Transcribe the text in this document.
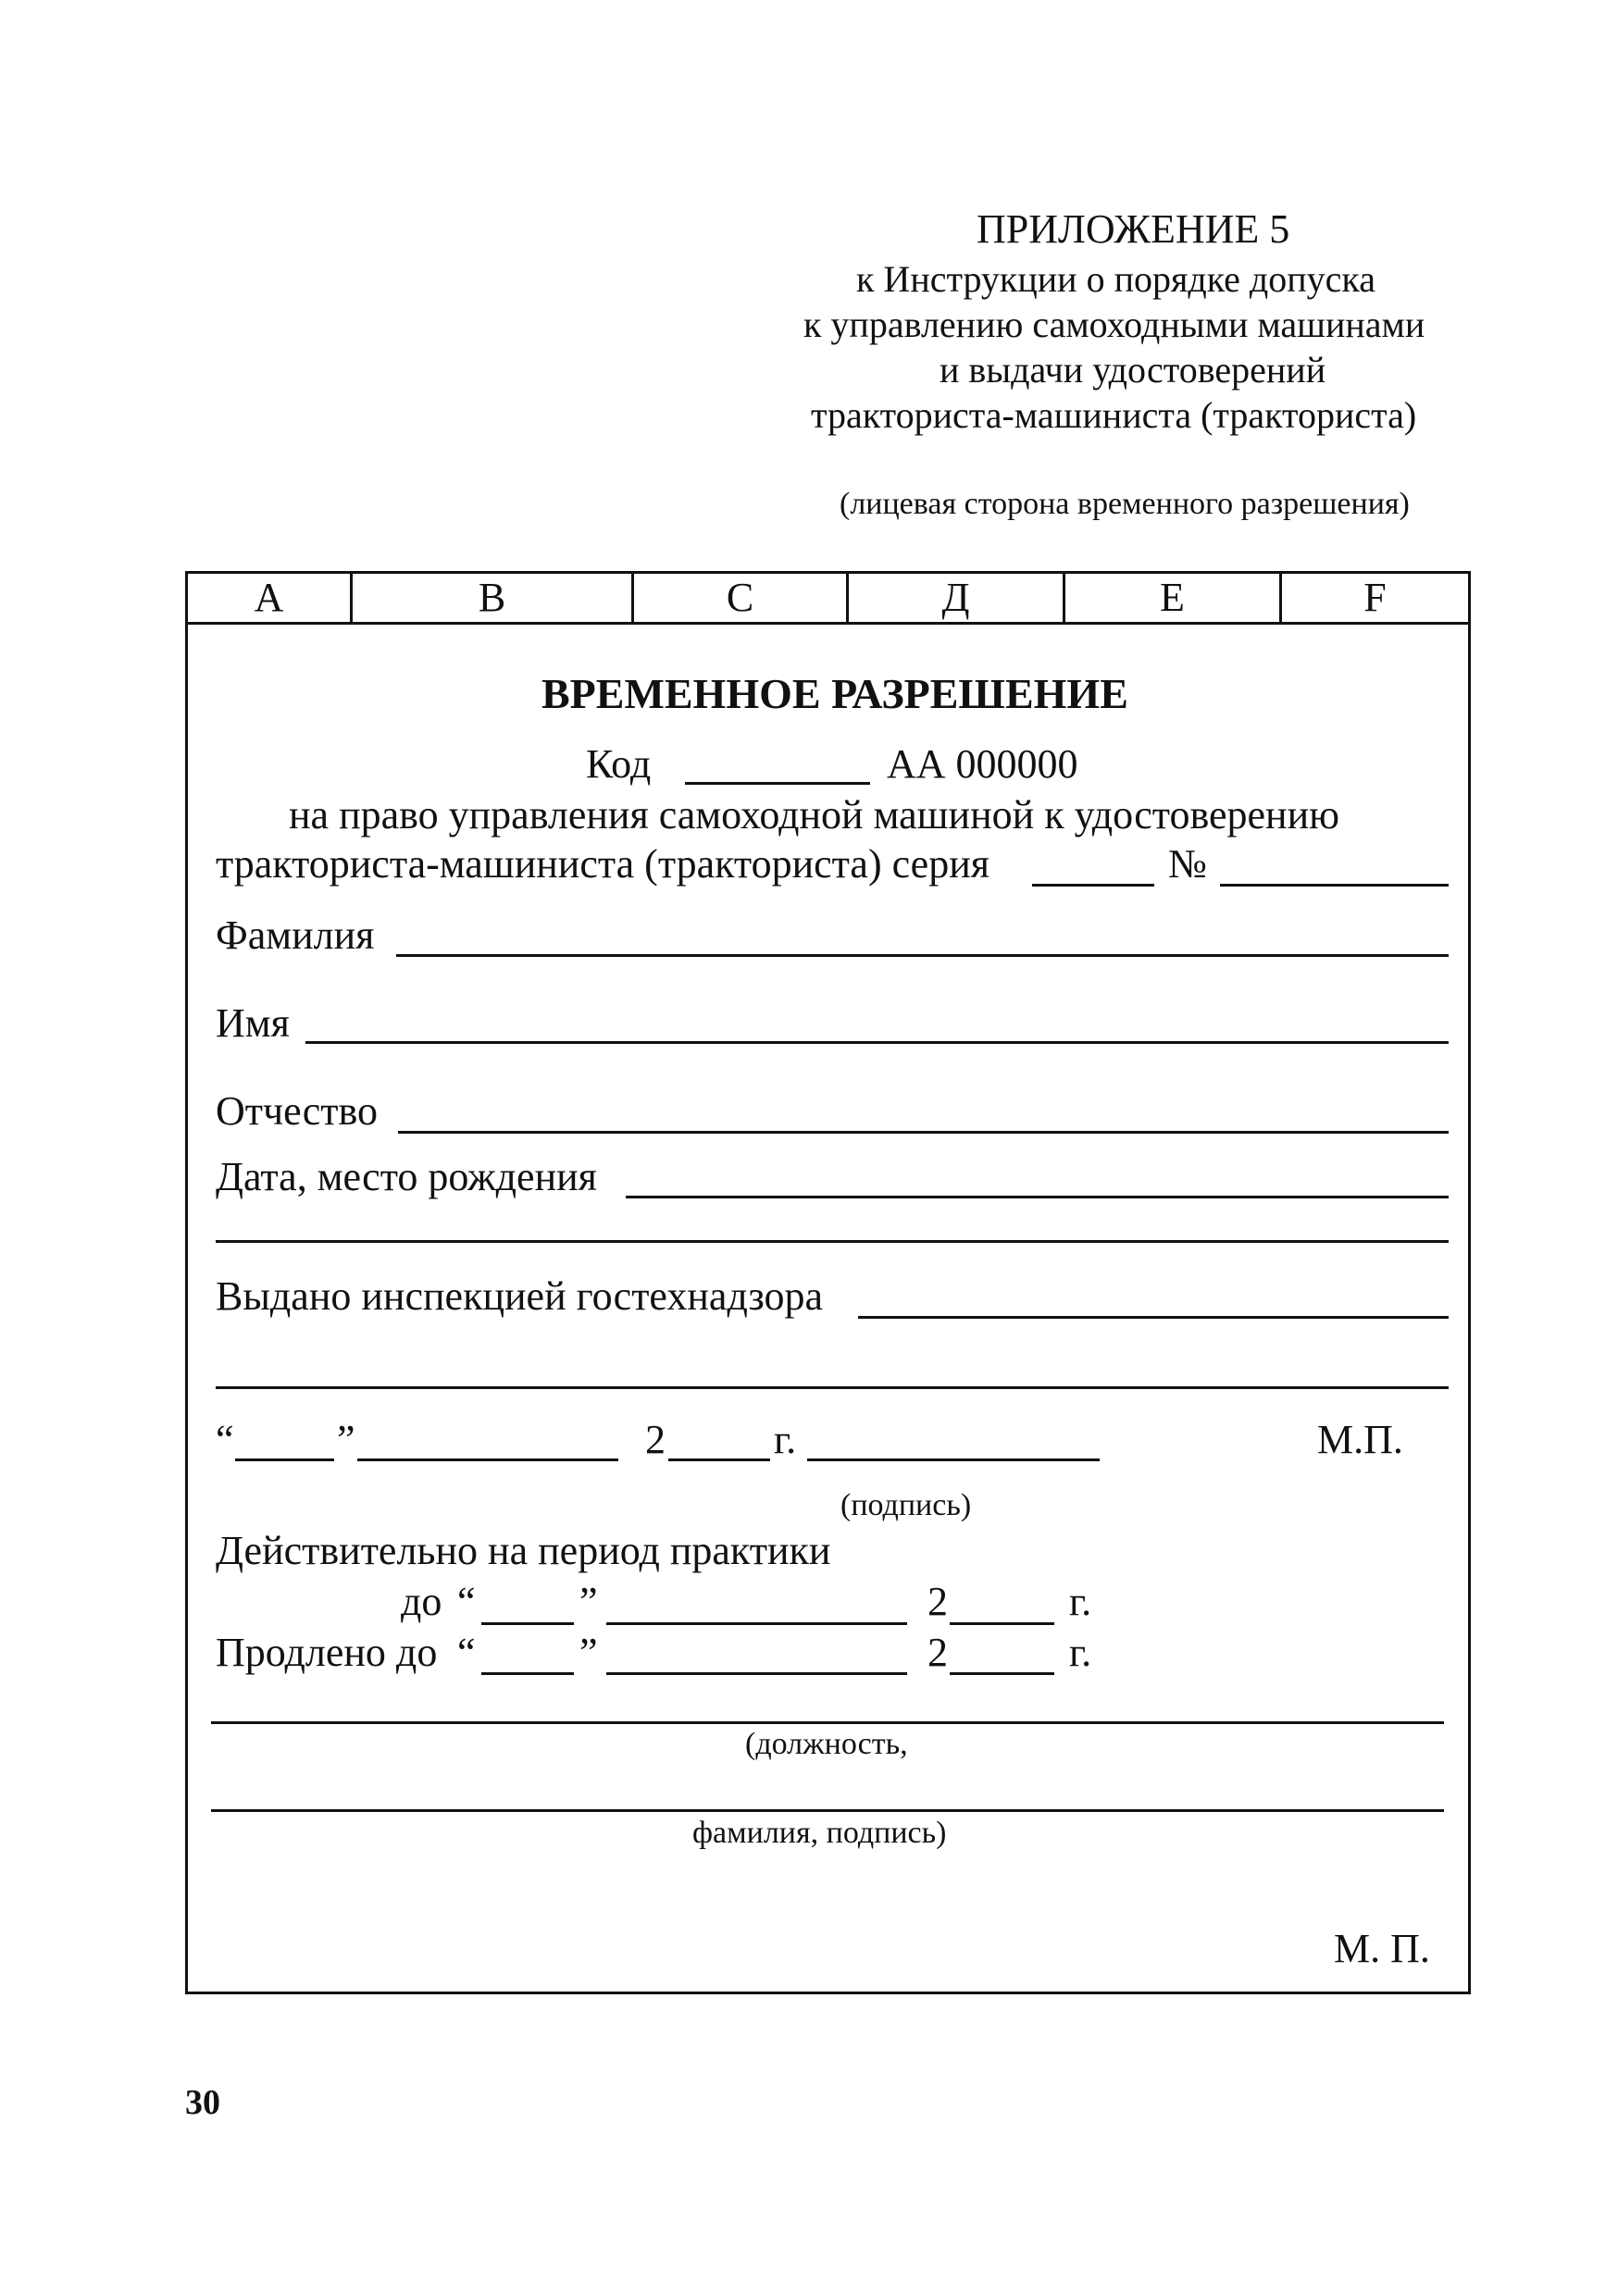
ПРИЛОЖЕНИЕ 5
к Инструкции о порядке допуска
к управлению самоходными машинами
и выдачи удостоверений
тракториста-машиниста (тракториста)
(лицевая сторона временного разрешения)
А	В	С	Д	Е	F
ВРЕМЕННОЕ РАЗРЕШЕНИЕ
Код	АА 000000
на право управления самоходной машиной к удостоверению
тракториста-машиниста (тракториста) серия	№
Фамилия
Имя
Отчество
Дата, место рождения
Выдано инспекцией гостехнадзора
“	”	2	г.	М.П.
(подпись)
Действительно на период практики
до “	”	2	г.
Продлено до “	”	2	г.
(должность,
фамилия, подпись)
М. П.
30
